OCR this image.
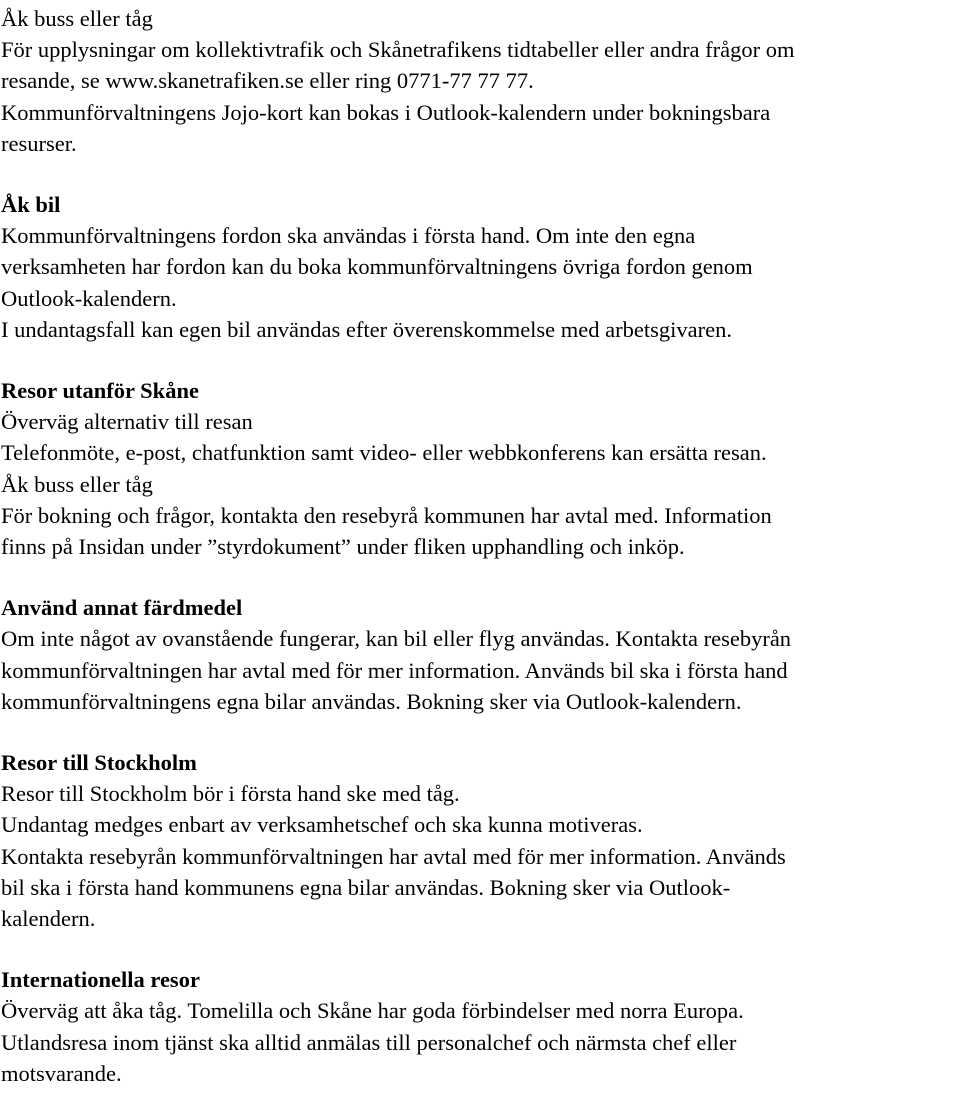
Åk buss eller tåg
För upplysningar om kollektivtrafik och Skånetrafikens tidtabeller eller andra frågor om
resande, se www.skanetrafiken.se eller ring 0771-77 77 77.
Kommunförvaltningens Jojo-kort kan bokas i Outlook-kalendern under bokningsbara
resurser.
Åk bil
Kommunförvaltningens fordon ska användas i första hand. Om inte den egna
verksamheten har fordon kan du boka kommunförvaltningens övriga fordon genom
Outlook-kalendern.
I undantagsfall kan egen bil användas efter överenskommelse med arbetsgivaren.
Resor utanför Skåne
Överväg alternativ till resan
Telefonmöte, e-post, chatfunktion samt video- eller webbkonferens kan ersätta resan.
Åk buss eller tåg
För bokning och frågor, kontakta den resebyrå kommunen har avtal med. Information
finns på Insidan under ”styrdokument” under fliken upphandling och inköp.
Använd annat färdmedel
Om inte något av ovanstående fungerar, kan bil eller flyg användas. Kontakta resebyrån
kommunförvaltningen har avtal med för mer information. Används bil ska i första hand
kommunförvaltningens egna bilar användas. Bokning sker via Outlook-kalendern.
Resor till Stockholm
Resor till Stockholm bör i första hand ske med tåg.
Undantag medges enbart av verksamhetschef och ska kunna motiveras.
Kontakta resebyrån kommunförvaltningen har avtal med för mer information. Används
bil ska i första hand kommunens egna bilar användas. Bokning sker via Outlook-
kalendern.
Internationella resor
Överväg att åka tåg. Tomelilla och Skåne har goda förbindelser med norra Europa.
Utlandsresa inom tjänst ska alltid anmälas till personalchef och närmsta chef eller
motsvarande.
